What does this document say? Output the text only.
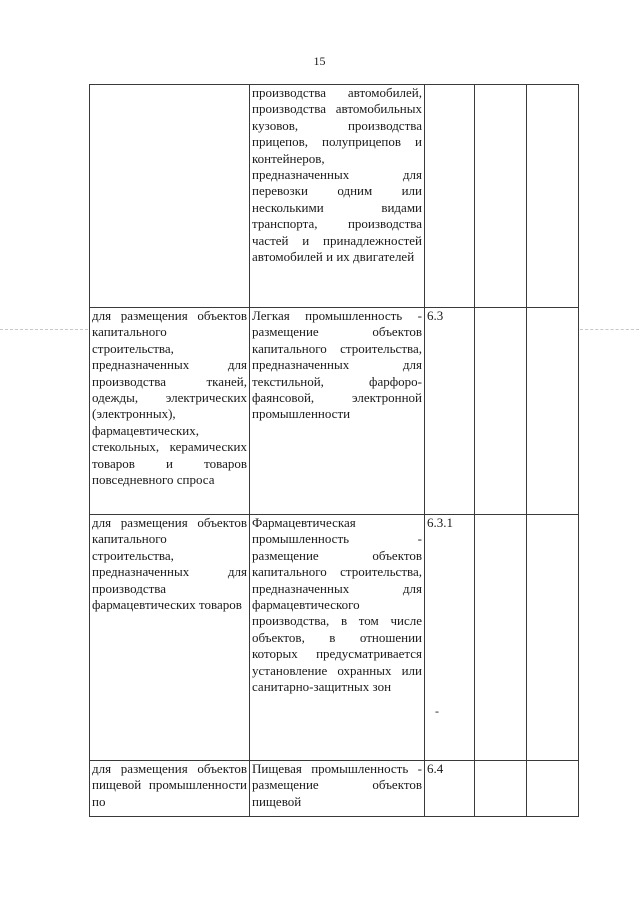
15
	производства автомобилей, производства автомобильных кузовов, производства прицепов, полуприцепов и контейнеров, предназначенных для перевозки одним или несколькими видами транспорта, производства частей и принадлежностей автомобилей и их двигателей			
для размещения объектов капитального строительства, предназначенных для производства тканей, одежды, электрических (электронных), фармацевтических, стекольных, керамических товаров и товаров повседневного спроса	Легкая промышленность - размещение объектов капитального строительства, предназначенных для текстильной, фарфоро-фаянсовой, электронной промышленности	6.3		
для размещения объектов капитального строительства, предназначенных для производства фармацевтических товаров	Фармацевтическая промышленность - размещение объектов капитального строительства, предназначенных для фармацевтического производства, в том числе объектов, в отношении которых предусматривается установление охранных или санитарно-защитных зон	6.3.1		
для размещения объектов пищевой промышленности по	Пищевая промышленность - размещение объектов пищевой	6.4		
-
